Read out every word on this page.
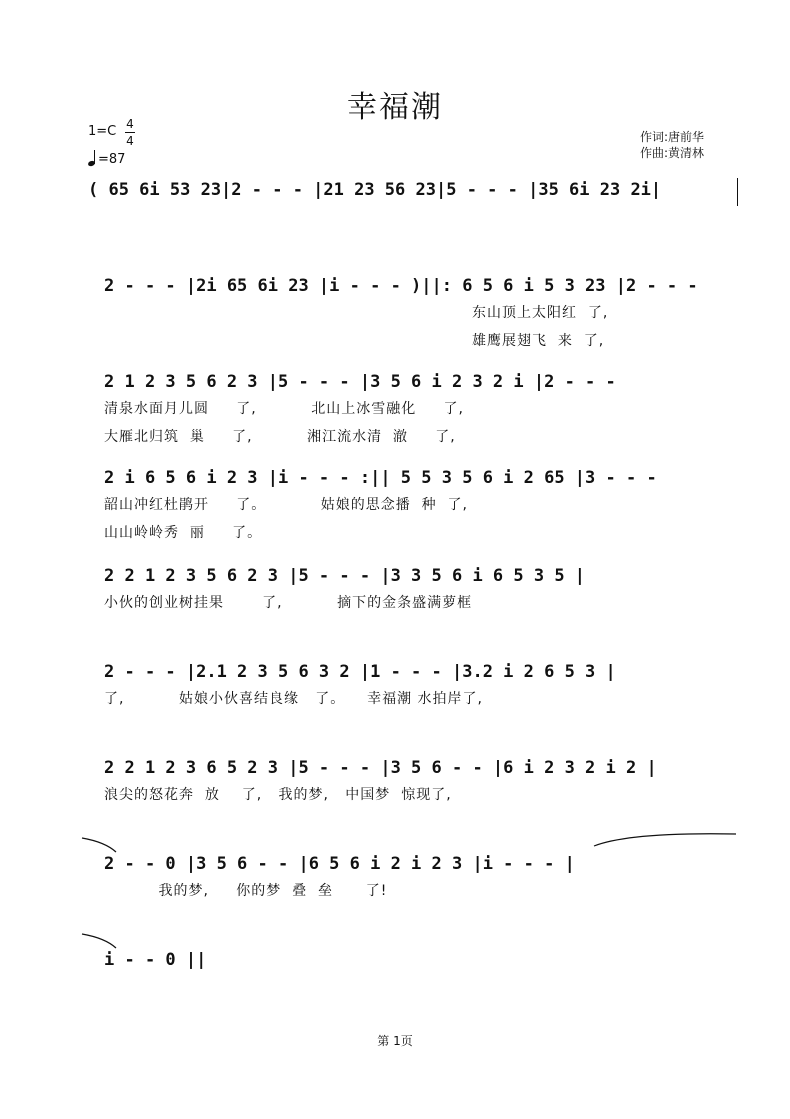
幸福潮
1=C 4
4
=87
作词:唐前华
作曲:黄清林
( 65 6i 53 23|2 - - - |21 23 56 23|5 - - - |35 6i 23 2i|
2 - - - |2i 65 6i 23 |i - - - )||: 6 5 6 i 5 3 23 |2 - - -
东山顶上太阳红  了,
雄鹰展翅飞  来  了,
2 1 2 3 5 6 2 3 |5 - - - |3 5 6 i 2 3 2 i |2 - - -
清泉水面月儿圆     了,          北山上冰雪融化     了,
大雁北归筑  巢     了,          湘江流水清  澈     了,
2 i 6 5 6 i 2 3 |i - - - :|| 5 5 3 5 6 i 2 65 |3 - - -
韶山冲红杜鹃开     了。          姑娘的思念播  种  了,
山山岭岭秀  丽     了。
2 2 1 2 3 5 6 2 3 |5 - - - |3 3 5 6 i 6 5 3 5 |
小伙的创业树挂果       了,          摘下的金条盛满萝框
2 - - - |2.1 2 3 5 6 3 2 |1 - - - |3.2 i 2 6 5 3 |
了,          姑娘小伙喜结良缘   了。    幸福潮 水拍岸了,
2 2 1 2 3 6 5 2 3 |5 - - - |3 5 6 - - |6 i 2 3 2 i 2 |
浪尖的怒花奔  放    了,   我的梦,   中国梦  惊现了,
2 - - 0 |3 5 6 - - |6 5 6 i 2 i 2 3 |i - - - |
我的梦,     你的梦  叠  垒      了!
i - - 0 ||
第 1页
